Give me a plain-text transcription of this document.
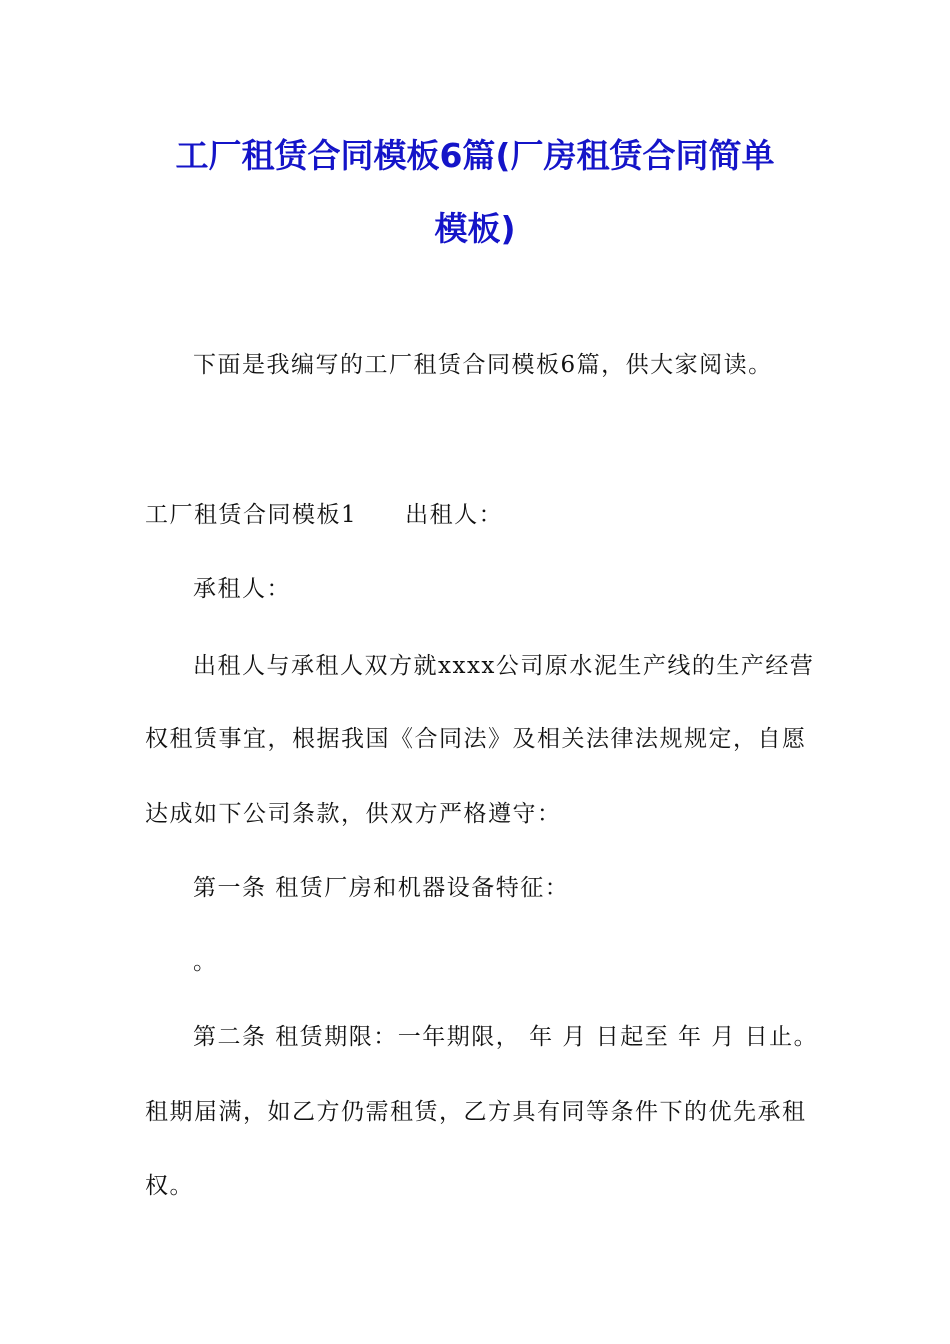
工厂租赁合同模板6篇(厂房租赁合同简单
模板)

下面是我编写的工厂租赁合同模板6篇，供大家阅读。

工厂租赁合同模板1 出租人：

承租人：

出租人与承租人双方就xxxx公司原水泥生产线的生产经营

权租赁事宜，根据我国《合同法》及相关法律法规规定，自愿

达成如下公司条款，供双方严格遵守：

第一条 租赁厂房和机器设备特征：

。

第二条 租赁期限：一年期限， 年 月 日起至 年 月 日止。

租期届满，如乙方仍需租赁，乙方具有同等条件下的优先承租

权。
